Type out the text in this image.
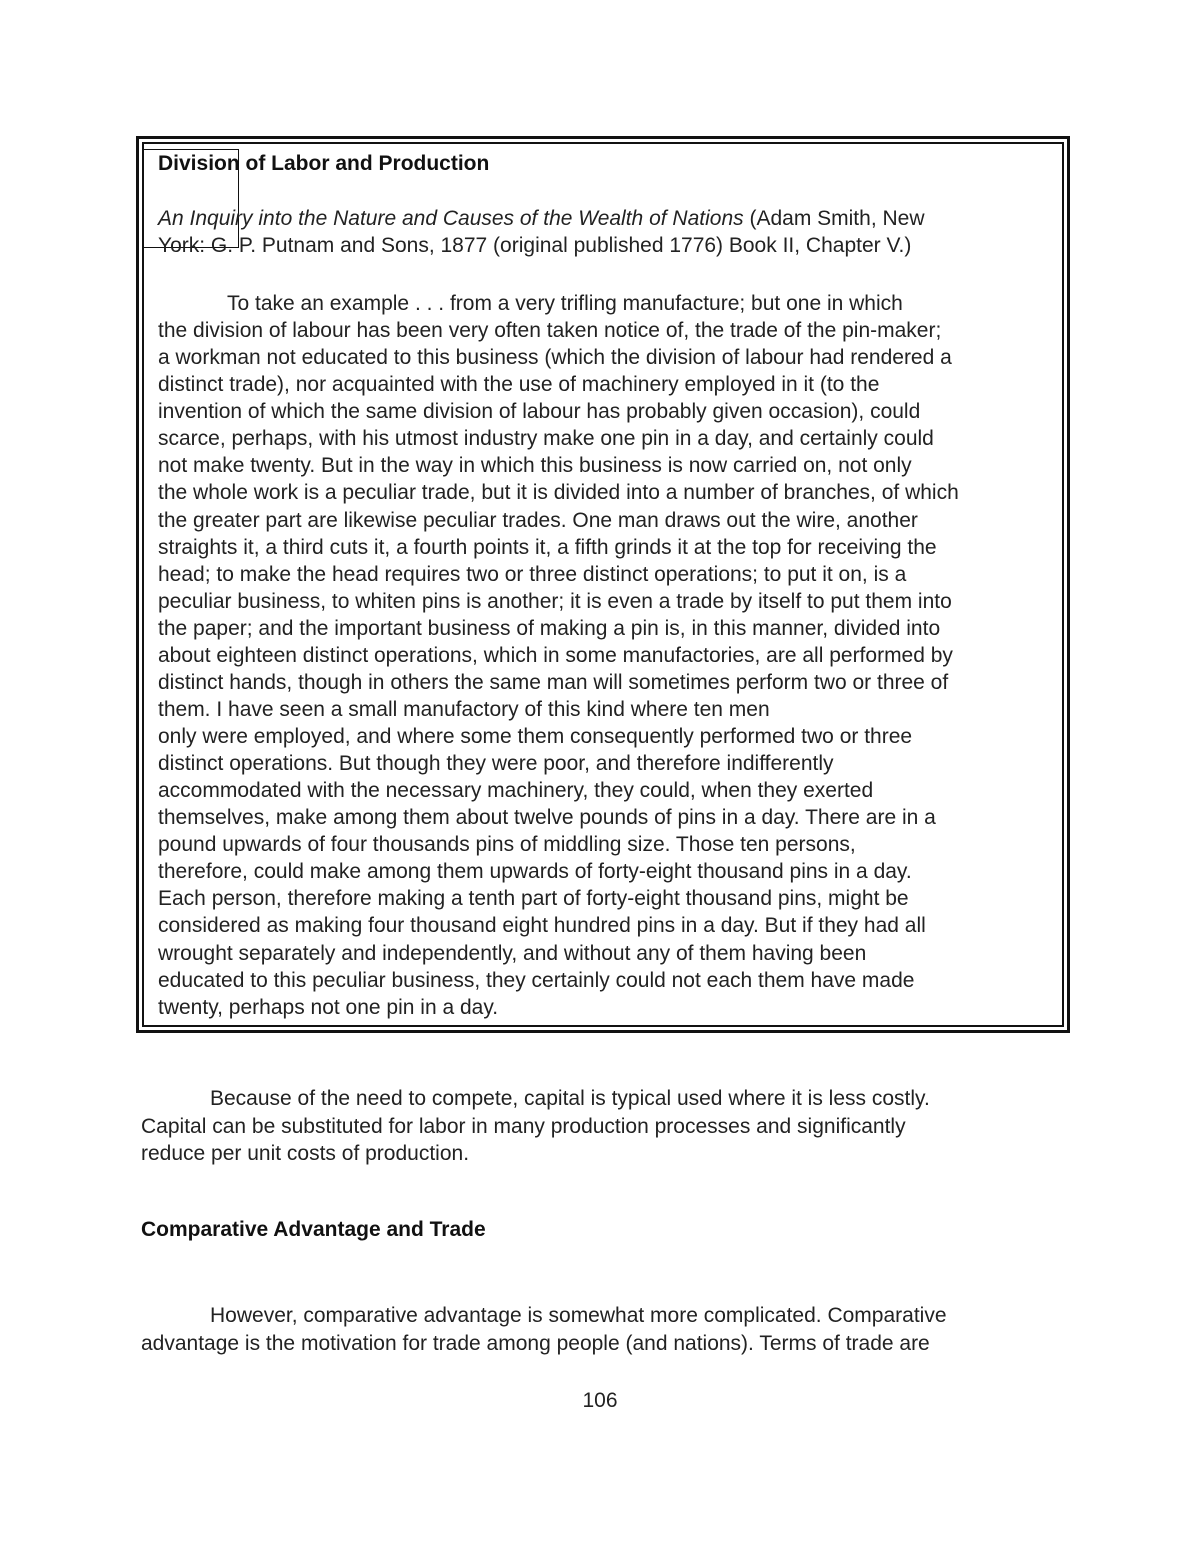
Division of Labor and Production

An Inquiry into the Nature and Causes of the Wealth of Nations (Adam Smith, New
York: G. P. Putnam and Sons, 1877 (original published 1776) Book II, Chapter V.)

To take an example . . . from a very trifling manufacture; but one in which
the division of labour has been very often taken notice of, the trade of the pin-maker;
a workman not educated to this business (which the division of labour had rendered a
distinct trade), nor acquainted with the use of machinery employed in it (to the
invention of which the same division of labour has probably given occasion), could
scarce, perhaps, with his utmost industry make one pin in a day, and certainly could
not make twenty. But in the way in which this business is now carried on, not only
the whole work is a peculiar trade, but it is divided into a number of branches, of which
the greater part are likewise peculiar trades. One man draws out the wire, another
straights it, a third cuts it, a fourth points it, a fifth grinds it at the top for receiving the
head; to make the head requires two or three distinct operations; to put it on, is a
peculiar business, to whiten pins is another; it is even a trade by itself to put them into
the paper; and the important business of making a pin is, in this manner, divided into
about eighteen distinct operations, which in some manufactories, are all performed by
distinct hands, though in others the same man will sometimes perform two or three of
them. I have seen a small manufactory of this kind where ten men
only were employed, and where some them consequently performed two or three
distinct operations. But though they were poor, and therefore indifferently
accommodated with the necessary machinery, they could, when they exerted
themselves, make among them about twelve pounds of pins in a day. There are in a
pound upwards of four thousands pins of middling size. Those ten persons,
therefore, could make among them upwards of forty-eight thousand pins in a day.
Each person, therefore making a tenth part of forty-eight thousand pins, might be
considered as making four thousand eight hundred pins in a day. But if they had all
wrought separately and independently, and without any of them having been
educated to this peculiar business, they certainly could not each them have made
twenty, perhaps not one pin in a day.
Because of the need to compete, capital is typical used where it is less costly.
Capital can be substituted for labor in many production processes and significantly
reduce per unit costs of production.
Comparative Advantage and Trade
However, comparative advantage is somewhat more complicated. Comparative
advantage is the motivation for trade among people (and nations). Terms of trade are

106
